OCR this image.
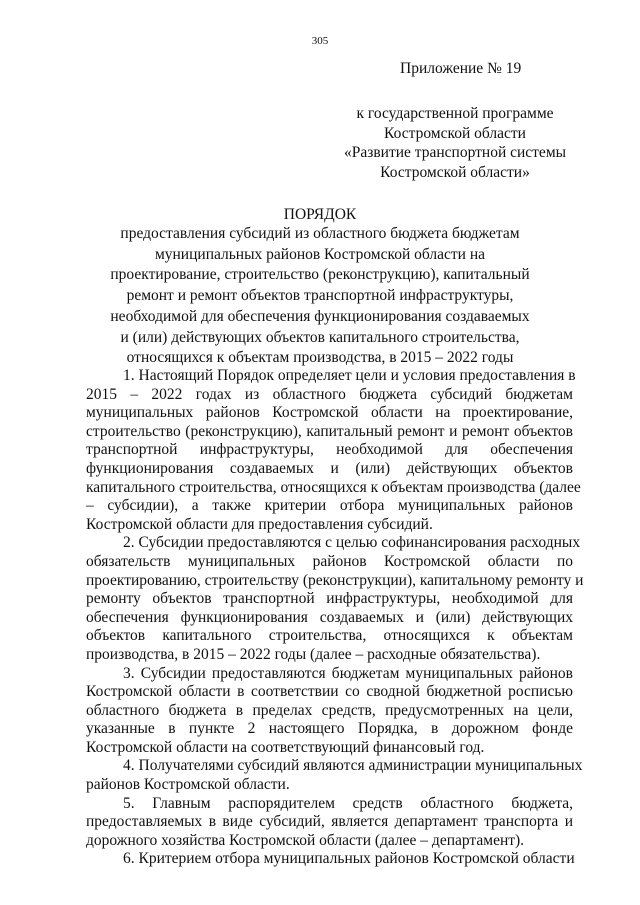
305
Приложение № 19
к государственной программе
Костромской области
«Развитие транспортной системы
Костромской области»
ПОРЯДОК
предоставления субсидий из областного бюджета бюджетам
муниципальных районов Костромской области на
проектирование, строительство (реконструкцию), капитальный
ремонт и ремонт объектов транспортной инфраструктуры,
необходимой для обеспечения функционирования создаваемых
и (или) действующих объектов капитального строительства,
относящихся к объектам производства, в 2015 – 2022 годы
1. Настоящий Порядок определяет цели и условия предоставления в
2015 – 2022 годах из областного бюджета субсидий бюджетам
муниципальных районов Костромской области на проектирование,
строительство (реконструкцию), капитальный ремонт и ремонт объектов
транспортной инфраструктуры, необходимой для обеспечения
функционирования создаваемых и (или) действующих объектов
капитального строительства, относящихся к объектам производства (далее
– субсидии), а также критерии отбора муниципальных районов
Костромской области для предоставления субсидий.
2. Субсидии предоставляются с целью софинансирования расходных
обязательств муниципальных районов Костромской области по
проектированию, строительству (реконструкции), капитальному ремонту и
ремонту объектов транспортной инфраструктуры, необходимой для
обеспечения функционирования создаваемых и (или) действующих
объектов капитального строительства, относящихся к объектам
производства, в 2015 – 2022 годы (далее – расходные обязательства).
3. Субсидии предоставляются бюджетам муниципальных районов
Костромской области в соответствии со сводной бюджетной росписью
областного бюджета в пределах средств, предусмотренных на цели,
указанные в пункте 2 настоящего Порядка, в дорожном фонде
Костромской области на соответствующий финансовый год.
4. Получателями субсидий являются администрации муниципальных
районов Костромской области.
5. Главным распорядителем средств областного бюджета,
предоставляемых в виде субсидий, является департамент транспорта и
дорожного хозяйства Костромской области (далее – департамент).
6. Критерием отбора муниципальных районов Костромской области
